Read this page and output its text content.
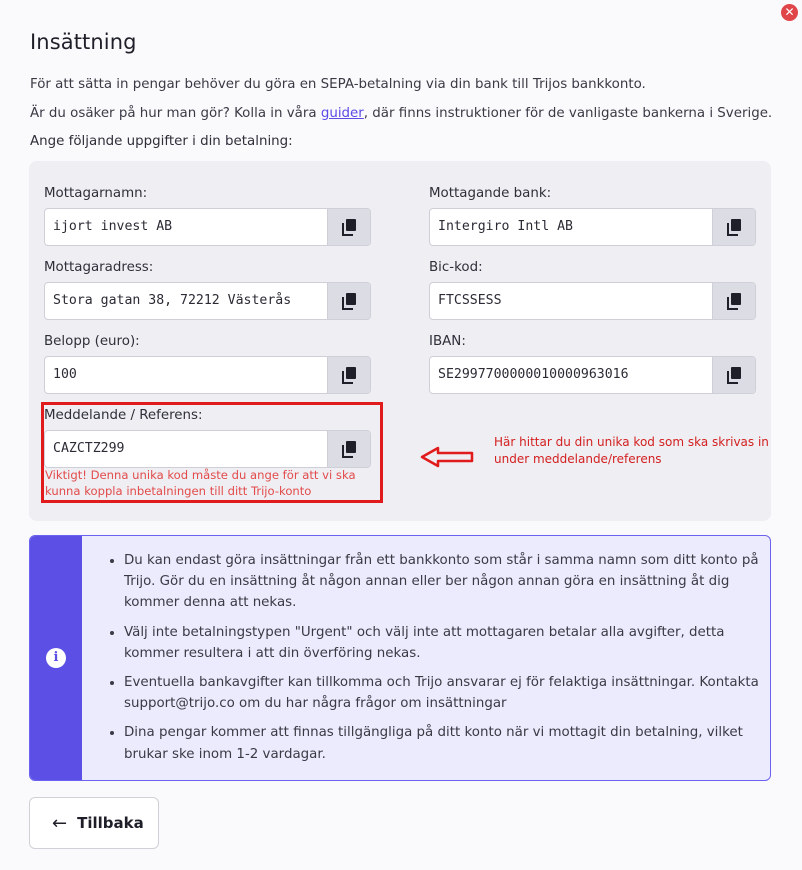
✕
Insättning

För att sätta in pengar behöver du göra en SEPA-betalning via din bank till Trijos bankkonto.

Är du osäker på hur man gör? Kolla in våra guider, där finns instruktioner för de vanligaste bankerna i Sverige.

Ange följande uppgifter i din betalning:

Mottagarnamn:
ijort invest AB
Mottagaradress:
Stora gatan 38, 72212 Västerås
Belopp (euro):
100
Meddelande / Referens:
CAZCTZ299
Mottagande bank:
Intergiro Intl AB
Bic-kod:
FTCSSESS
IBAN:
SE2997700000010000963016
Viktigt! Denna unika kod måste du ange för att vi ska kunna koppla inbetalningen till ditt Trijo-konto
Här hittar du din unika kod som ska skrivas in under meddelande/referens
i
• Du kan endast göra insättningar från ett bankkonto som står i samma namn som ditt konto på Trijo. Gör du en insättning åt någon annan eller ber någon annan göra en insättning åt dig kommer denna att nekas.
• Välj inte betalningstypen "Urgent" och välj inte att mottagaren betalar alla avgifter, detta kommer resultera i att din överföring nekas.
• Eventuella bankavgifter kan tillkomma och Trijo ansvarar ej för felaktiga insättningar. Kontakta support@trijo.co om du har några frågor om insättningar
• Dina pengar kommer att finnas tillgängliga på ditt konto när vi mottagit din betalning, vilket brukar ske inom 1-2 vardagar.
← Tillbaka
